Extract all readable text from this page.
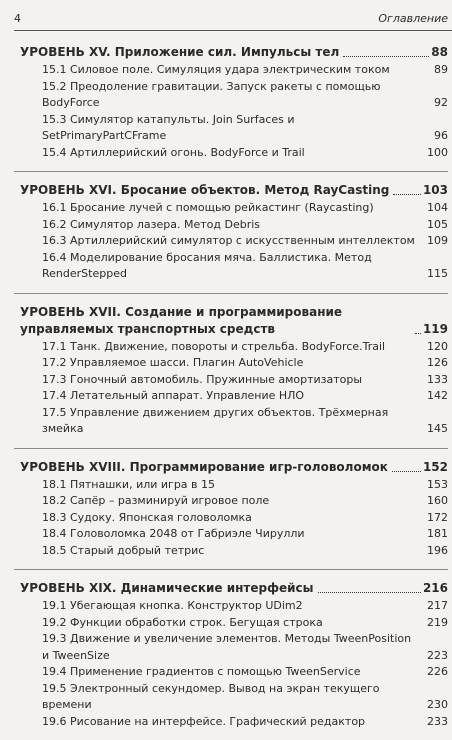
4	Оглавление
УРОВЕНЬ XV. Приложение сил. Импульсы тел	88
15.1 Силовое поле. Симуляция удара электрическим током	89
15.2 Преодоление гравитации. Запуск ракеты с помощью BodyForce	92
15.3 Симулятор катапульты. Join Surfaces и SetPrimaryPartCFrame	96
15.4 Артиллерийский огонь. BodyForce и Trail	100
УРОВЕНЬ XVI. Бросание объектов. Метод RayCasting	103
16.1 Бросание лучей с помощью рейкастинг (Raycasting)	104
16.2 Симулятор лазера. Метод Debris	105
16.3 Артиллерийский симулятор с искусственным интеллектом	109
16.4 Моделирование бросания мяча. Баллистика. Метод RenderStepped	115
УРОВЕНЬ XVII. Создание и программирование управляемых транспортных средств	119
17.1 Танк. Движение, повороты и стрельба. BodyForce.Trail	120
17.2 Управляемое шасси. Плагин AutoVehicle	126
17.3 Гоночный автомобиль. Пружинные амортизаторы	133
17.4 Летательный аппарат. Управление НЛО	142
17.5 Управление движением других объектов. Трёхмерная змейка	145
УРОВЕНЬ XVIII. Программирование игр-головоломок	152
18.1 Пятнашки, или игра в 15	153
18.2 Сапёр – разминируй игровое поле	160
18.3 Судоку. Японская головоломка	172
18.4 Головоломка 2048 от Габриэле Чирулли	181
18.5 Старый добрый тетрис	196
УРОВЕНЬ XIX. Динамические интерфейсы	216
19.1 Убегающая кнопка. Конструктор UDim2	217
19.2 Функции обработки строк. Бегущая строка	219
19.3 Движение и увеличение элементов. Методы TweenPosition и TweenSize	223
19.4 Применение градиентов с помощью TweenService	226
19.5 Электронный секундомер. Вывод на экран текущего времени	230
19.6 Рисование на интерфейсе. Графический редактор	233
